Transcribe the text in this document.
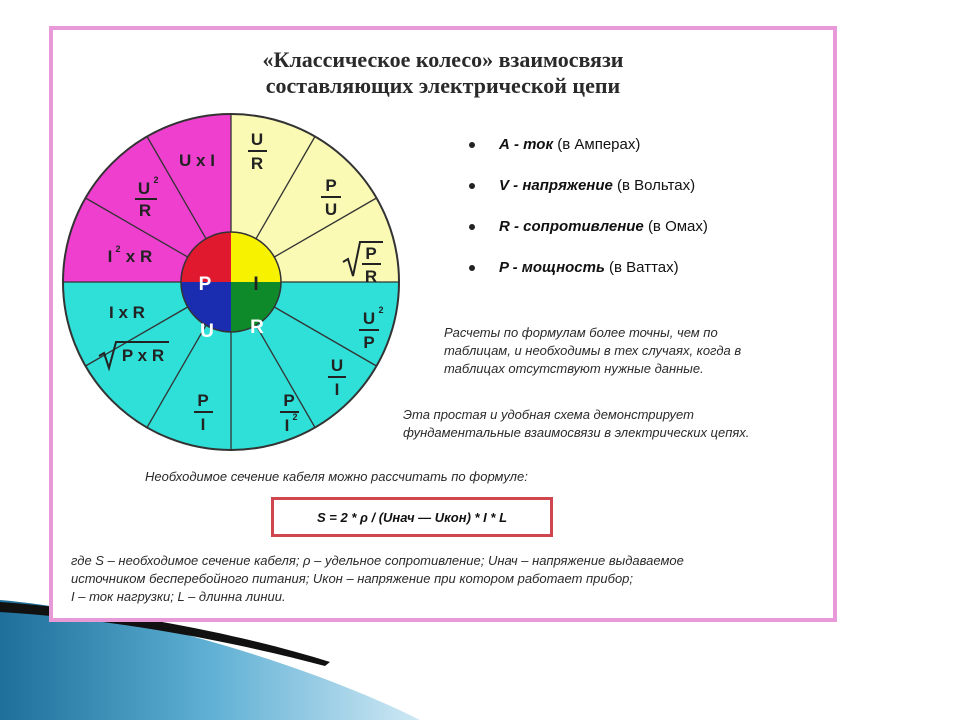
«Классическое колесо» взаимосвязи
составляющих электрической цепи
U x I
U 2
R
I 2 x R
U
R
P
U
P
R
U 2
P
U
I
P
I 2
P
I
P x R
I x R
P I
U R
А - ток (в Амперах)
V - напряжение (в Вольтах)
R - сопротивление (в Омах)
P - мощность (в Ваттах)
Расчеты по формулам более точны, чем по
таблицам, и необходимы в тех случаях, когда в
таблицах отсутствуют нужные данные.
Эта простая и удобная схема демонстрирует
фундаментальные взаимосвязи в электрических цепях.
Необходимое сечение кабеля можно рассчитать по формуле:
S = 2 * ρ / (Uнач — Uкон) * I * L
где S – необходимое сечение кабеля; ρ – удельное сопротивление; Uнач – напряжение выдаваемое
источником бесперебойного питания; Uкон – напряжение при котором работает прибор;
I – ток нагрузки; L – длинна линии.
